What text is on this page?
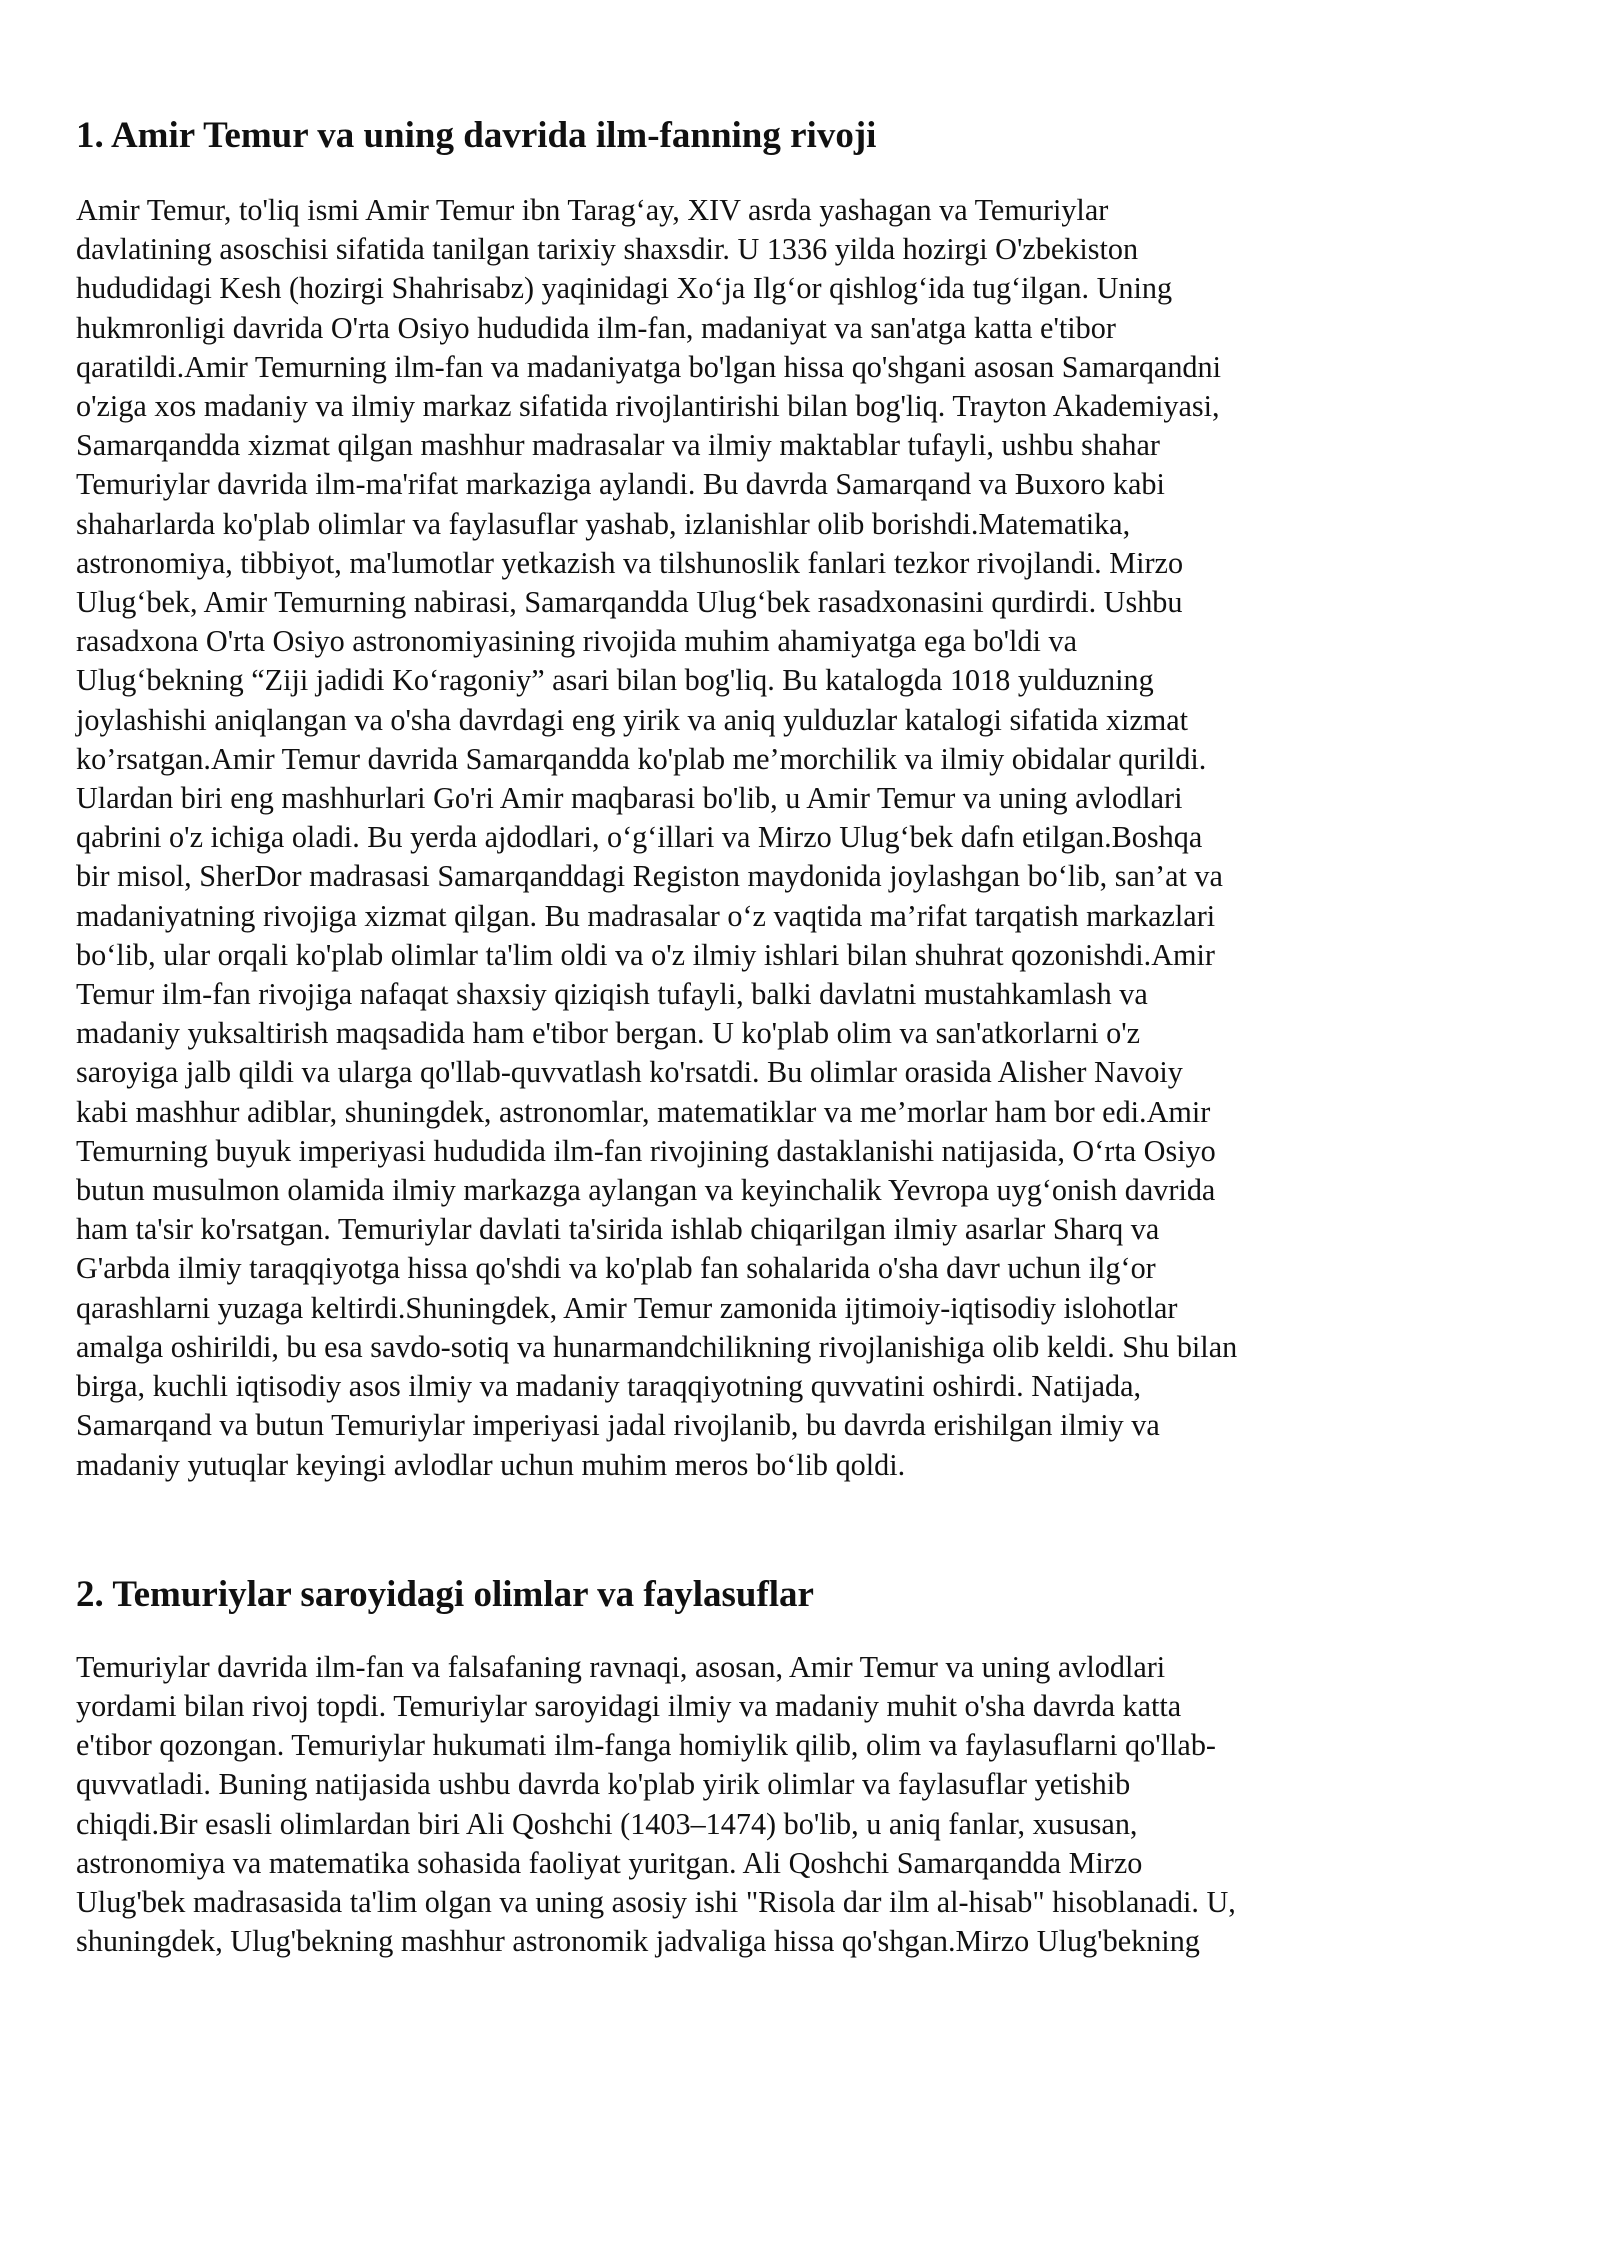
1. Amir Temur va uning davrida ilm-fanning rivoji

Amir Temur, to'liq ismi Amir Temur ibn Tarag‘ay, XIV asrda yashagan va Temuriylar
davlatining asoschisi sifatida tanilgan tarixiy shaxsdir. U 1336 yilda hozirgi O'zbekiston
hududidagi Kesh (hozirgi Shahrisabz) yaqinidagi Xo‘ja Ilg‘or qishlog‘ida tug‘ilgan. Uning
hukmronligi davrida O'rta Osiyo hududida ilm-fan, madaniyat va san'atga katta e'tibor
qaratildi.Amir Temurning ilm-fan va madaniyatga bo'lgan hissa qo'shgani asosan Samarqandni
o'ziga xos madaniy va ilmiy markaz sifatida rivojlantirishi bilan bog'liq. Trayton Akademiyasi,
Samarqandda xizmat qilgan mashhur madrasalar va ilmiy maktablar tufayli, ushbu shahar
Temuriylar davrida ilm-ma'rifat markaziga aylandi. Bu davrda Samarqand va Buxoro kabi
shaharlarda ko'plab olimlar va faylasuflar yashab, izlanishlar olib borishdi.Matematika,
astronomiya, tibbiyot, ma'lumotlar yetkazish va tilshunoslik fanlari tezkor rivojlandi. Mirzo
Ulug‘bek, Amir Temurning nabirasi, Samarqandda Ulug‘bek rasadxonasini qurdirdi. Ushbu
rasadxona O'rta Osiyo astronomiyasining rivojida muhim ahamiyatga ega bo'ldi va
Ulug‘bekning “Ziji jadidi Ko‘ragoniy” asari bilan bog'liq. Bu katalogda 1018 yulduzning
joylashishi aniqlangan va o'sha davrdagi eng yirik va aniq yulduzlar katalogi sifatida xizmat
ko’rsatgan.Amir Temur davrida Samarqandda ko'plab me’morchilik va ilmiy obidalar qurildi.
Ulardan biri eng mashhurlari Go'ri Amir maqbarasi bo'lib, u Amir Temur va uning avlodlari
qabrini o'z ichiga oladi. Bu yerda ajdodlari, o‘g‘illari va Mirzo Ulug‘bek dafn etilgan.Boshqa
bir misol, SherDor madrasasi Samarqanddagi Registon maydonida joylashgan bo‘lib, san’at va
madaniyatning rivojiga xizmat qilgan. Bu madrasalar o‘z vaqtida ma’rifat tarqatish markazlari
bo‘lib, ular orqali ko'plab olimlar ta'lim oldi va o'z ilmiy ishlari bilan shuhrat qozonishdi.Amir
Temur ilm-fan rivojiga nafaqat shaxsiy qiziqish tufayli, balki davlatni mustahkamlash va
madaniy yuksaltirish maqsadida ham e'tibor bergan. U ko'plab olim va san'atkorlarni o'z
saroyiga jalb qildi va ularga qo'llab-quvvatlash ko'rsatdi. Bu olimlar orasida Alisher Navoiy
kabi mashhur adiblar, shuningdek, astronomlar, matematiklar va me’morlar ham bor edi.Amir
Temurning buyuk imperiyasi hududida ilm-fan rivojining dastaklanishi natijasida, O‘rta Osiyo
butun musulmon olamida ilmiy markazga aylangan va keyinchalik Yevropa uyg‘onish davrida
ham ta'sir ko'rsatgan. Temuriylar davlati ta'sirida ishlab chiqarilgan ilmiy asarlar Sharq va
G'arbda ilmiy taraqqiyotga hissa qo'shdi va ko'plab fan sohalarida o'sha davr uchun ilg‘or
qarashlarni yuzaga keltirdi.Shuningdek, Amir Temur zamonida ijtimoiy-iqtisodiy islohotlar
amalga oshirildi, bu esa savdo-sotiq va hunarmandchilikning rivojlanishiga olib keldi. Shu bilan
birga, kuchli iqtisodiy asos ilmiy va madaniy taraqqiyotning quvvatini oshirdi. Natijada,
Samarqand va butun Temuriylar imperiyasi jadal rivojlanib, bu davrda erishilgan ilmiy va
madaniy yutuqlar keyingi avlodlar uchun muhim meros bo‘lib qoldi.

2. Temuriylar saroyidagi olimlar va faylasuflar

Temuriylar davrida ilm-fan va falsafaning ravnaqi, asosan, Amir Temur va uning avlodlari
yordami bilan rivoj topdi. Temuriylar saroyidagi ilmiy va madaniy muhit o'sha davrda katta
e'tibor qozongan. Temuriylar hukumati ilm-fanga homiylik qilib, olim va faylasuflarni qo'llab-
quvvatladi. Buning natijasida ushbu davrda ko'plab yirik olimlar va faylasuflar yetishib
chiqdi.Bir esasli olimlardan biri Ali Qoshchi (1403–1474) bo'lib, u aniq fanlar, xususan,
astronomiya va matematika sohasida faoliyat yuritgan. Ali Qoshchi Samarqandda Mirzo
Ulug'bek madrasasida ta'lim olgan va uning asosiy ishi "Risola dar ilm al-hisab" hisoblanadi. U,
shuningdek, Ulug'bekning mashhur astronomik jadvaliga hissa qo'shgan.Mirzo Ulug'bekning
